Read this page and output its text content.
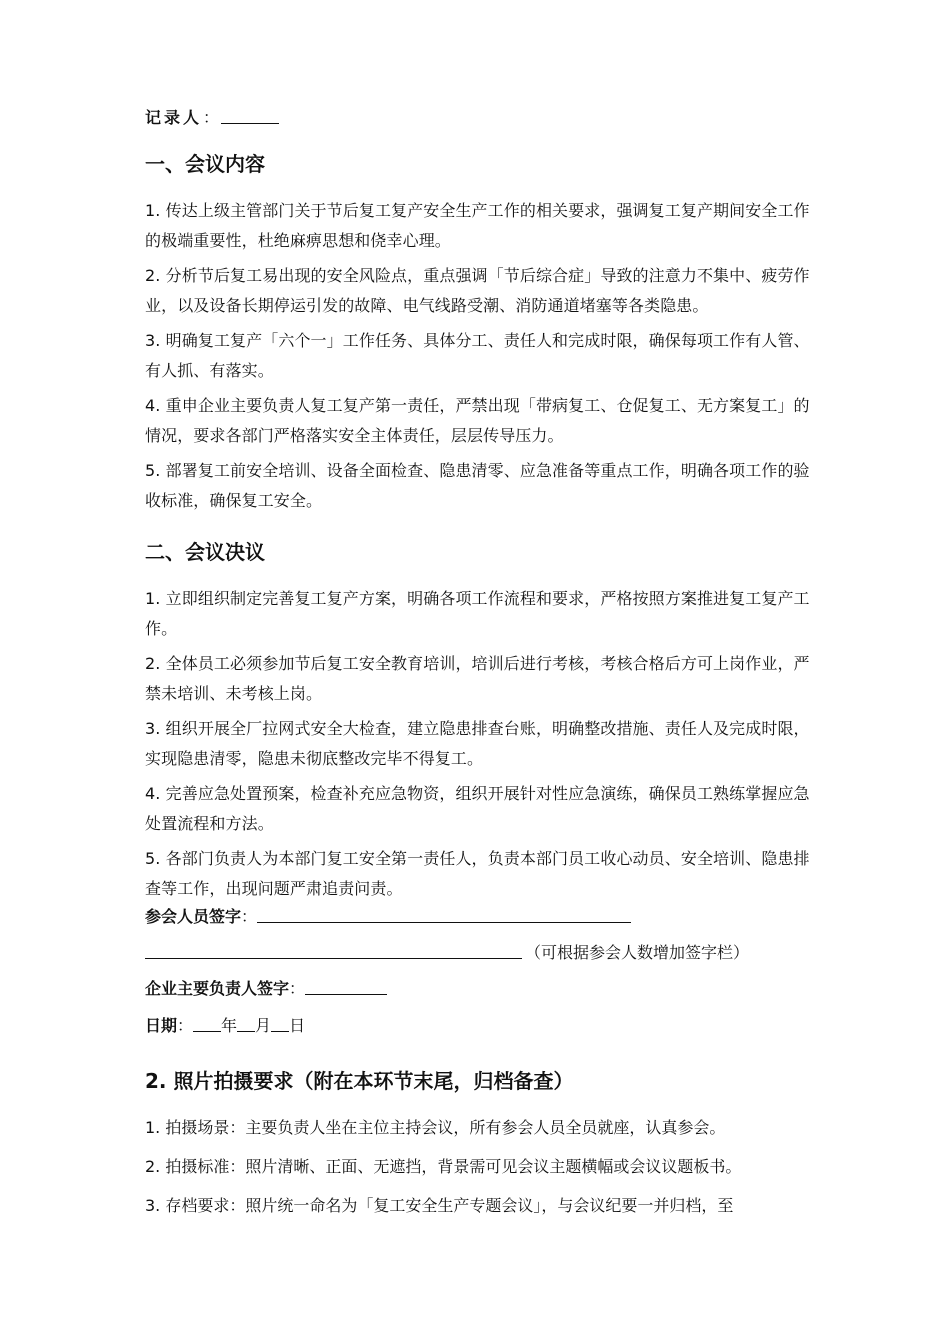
记录人：
一、会议内容

1. 传达上级主管部门关于节后复工复产安全生产工作的相关要求，强调复工复产期间安全工作的极端重要性，杜绝麻痹思想和侥幸心理。

2. 分析节后复工易出现的安全风险点，重点强调「节后综合症」导致的注意力不集中、疲劳作业，以及设备长期停运引发的故障、电气线路受潮、消防通道堵塞等各类隐患。

3. 明确复工复产「六个一」工作任务、具体分工、责任人和完成时限，确保每项工作有人管、有人抓、有落实。

4. 重申企业主要负责人复工复产第一责任，严禁出现「带病复工、仓促复工、无方案复工」的情况，要求各部门严格落实安全主体责任，层层传导压力。

5. 部署复工前安全培训、设备全面检查、隐患清零、应急准备等重点工作，明确各项工作的验收标准，确保复工安全。

二、会议决议

1. 立即组织制定完善复工复产方案，明确各项工作流程和要求，严格按照方案推进复工复产工作。

2. 全体员工必须参加节后复工安全教育培训，培训后进行考核，考核合格后方可上岗作业，严禁未培训、未考核上岗。

3. 组织开展全厂拉网式安全大检查，建立隐患排查台账，明确整改措施、责任人及完成时限，实现隐患清零，隐患未彻底整改完毕不得复工。

4. 完善应急处置预案，检查补充应急物资，组织开展针对性应急演练，确保员工熟练掌握应急处置流程和方法。

5. 各部门负责人为本部门复工安全第一责任人，负责本部门员工收心动员、安全培训、隐患排查等工作，出现问题严肃追责问责。

参会人员签字：
（可根据参会人数增加签字栏）
企业主要负责人签字：
日期： 年 月 日
2. 照片拍摄要求（附在本环节末尾，归档备查）

1. 拍摄场景：主要负责人坐在主位主持会议，所有参会人员全员就座，认真参会。

2. 拍摄标准：照片清晰、正面、无遮挡，背景需可见会议主题横幅或会议议题板书。

3. 存档要求：照片统一命名为「复工安全生产专题会议」，与会议纪要一并归档，至
